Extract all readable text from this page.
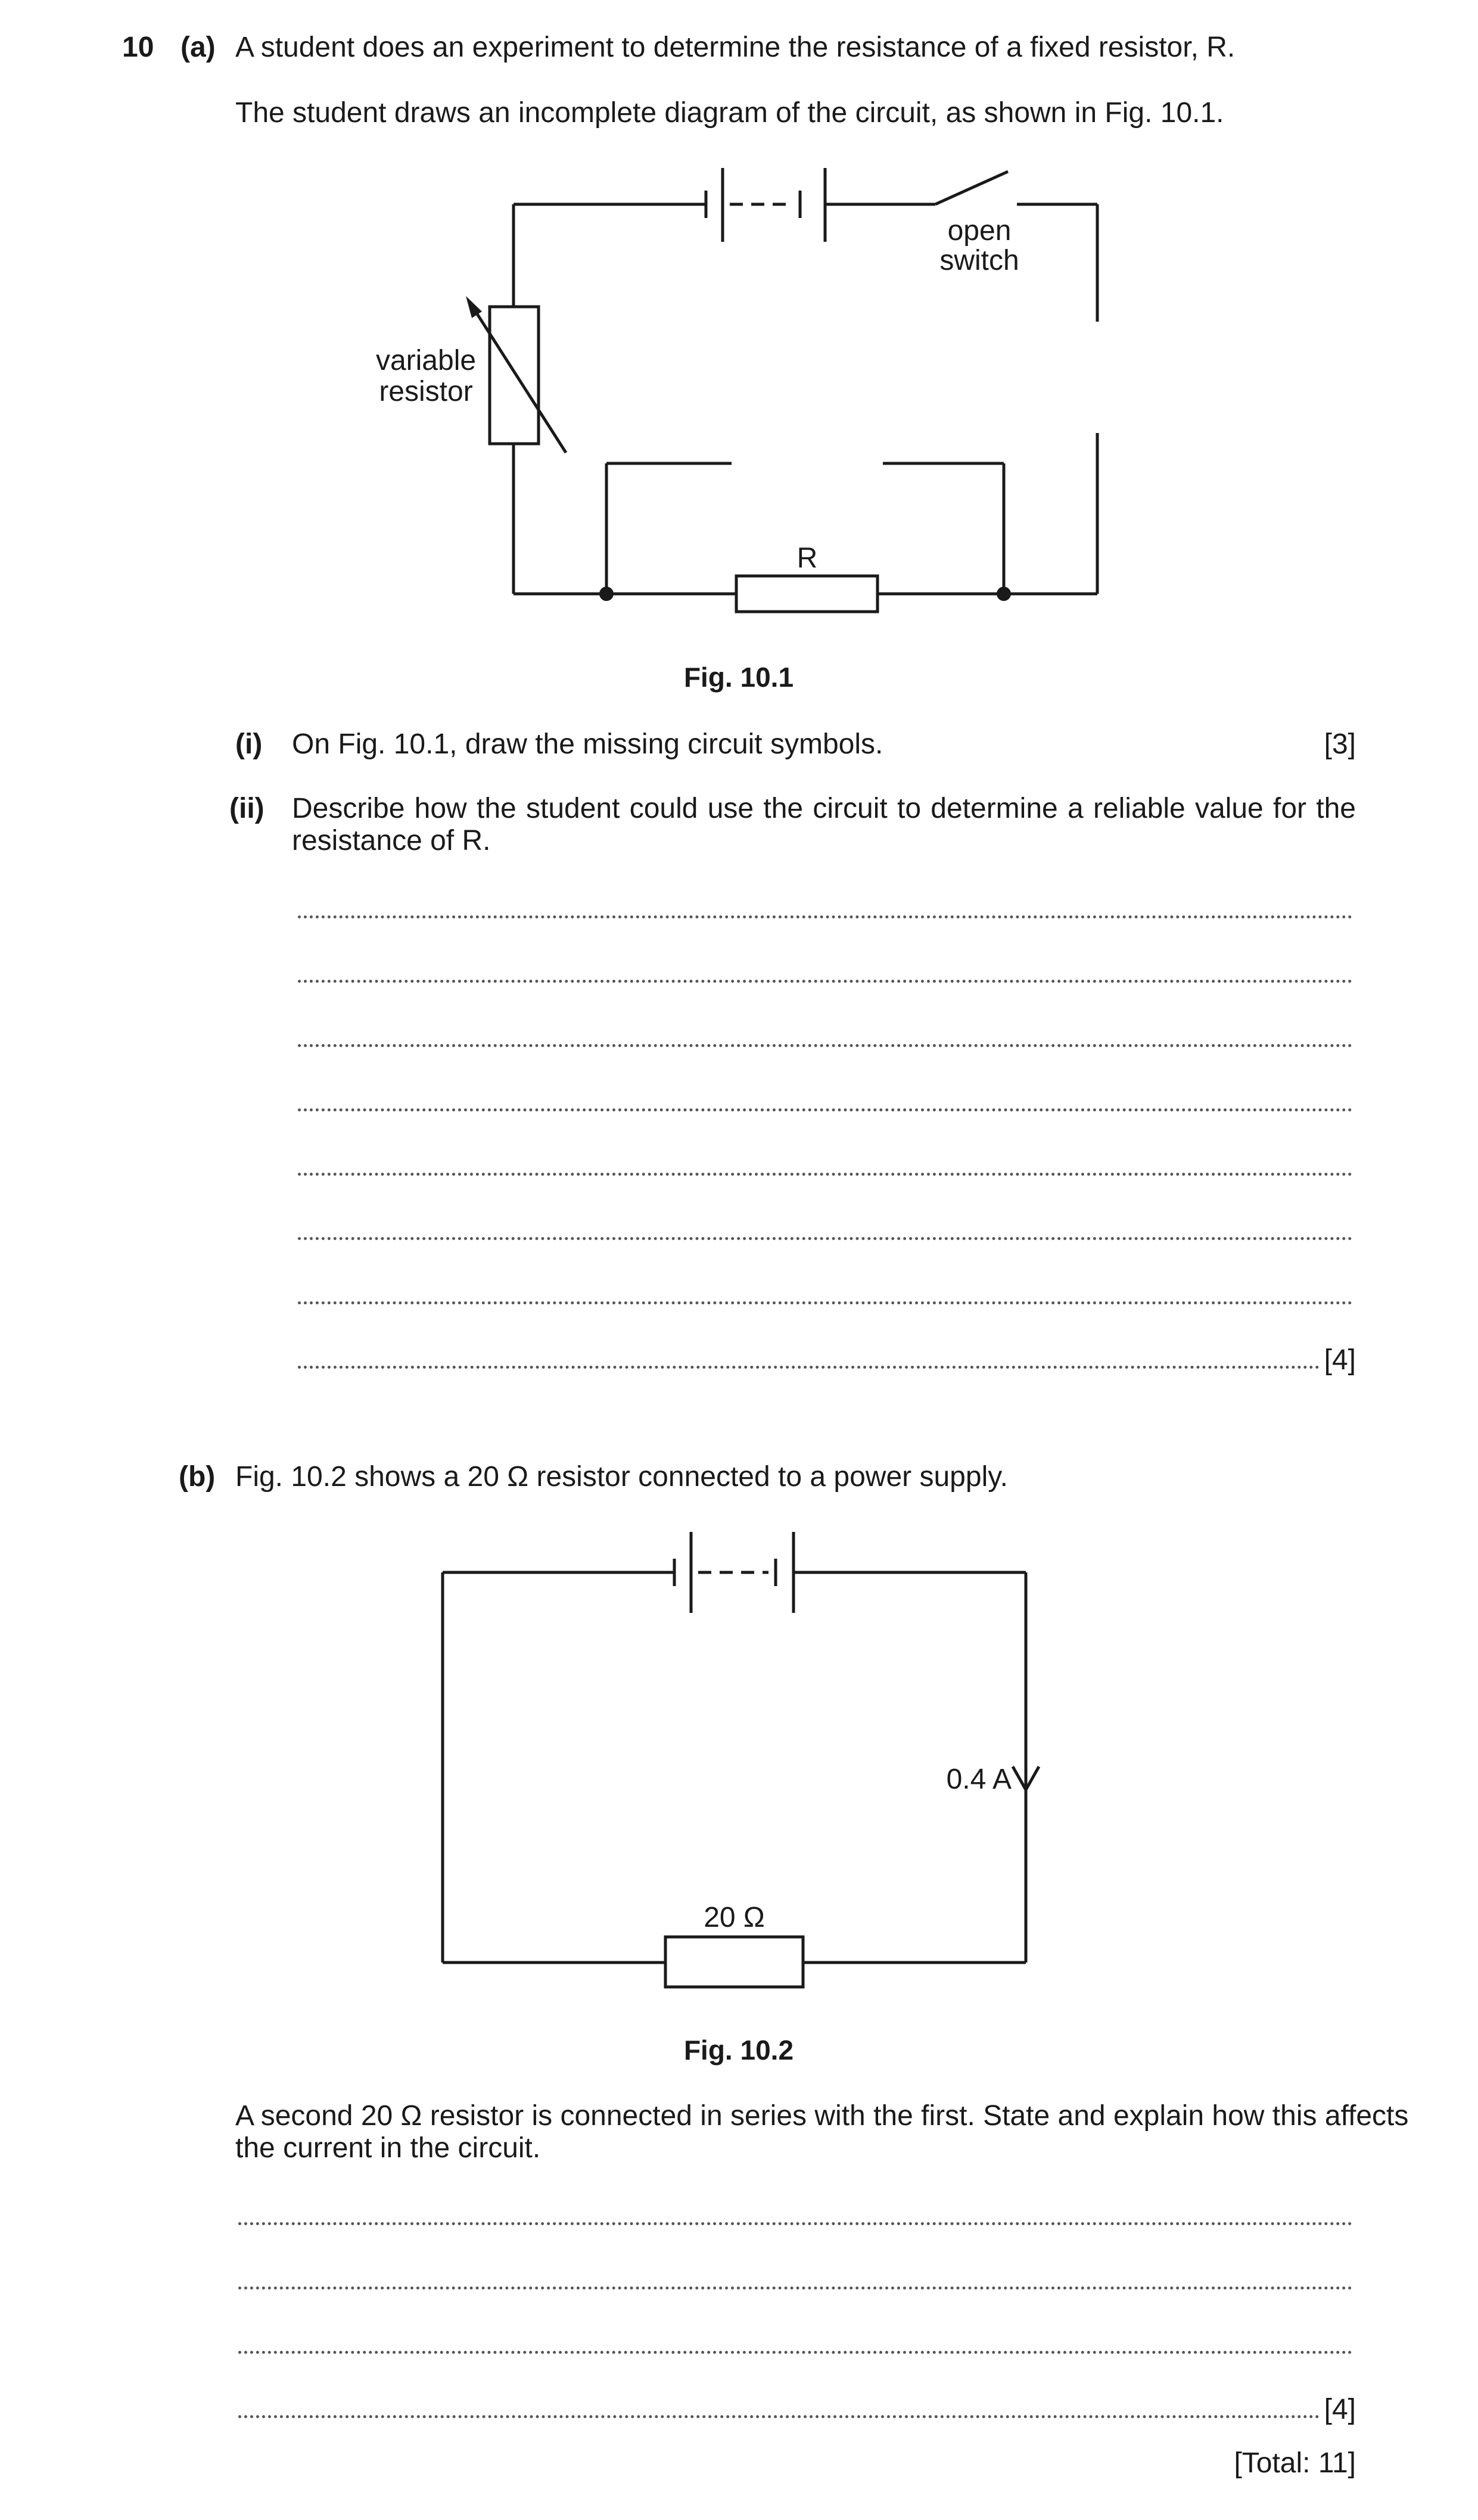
10 (a) A student does an experiment to determine the resistance of a fixed resistor, R.
The student draws an incomplete diagram of the circuit, as shown in Fig. 10.1.
open
switch
variable
resistor
R
Fig. 10.1
(i) On Fig. 10.1, draw the missing circuit symbols.	[3]
(ii) Describe how the student could use the circuit to determine a reliable value for the
resistance of R.
[4]
(b) Fig. 10.2 shows a 20 Ω resistor connected to a power supply.
0.4 A
20 Ω
Fig. 10.2
A second 20 Ω resistor is connected in series with the first. State and explain how this affects
the current in the circuit.
[4]
[Total: 11]
